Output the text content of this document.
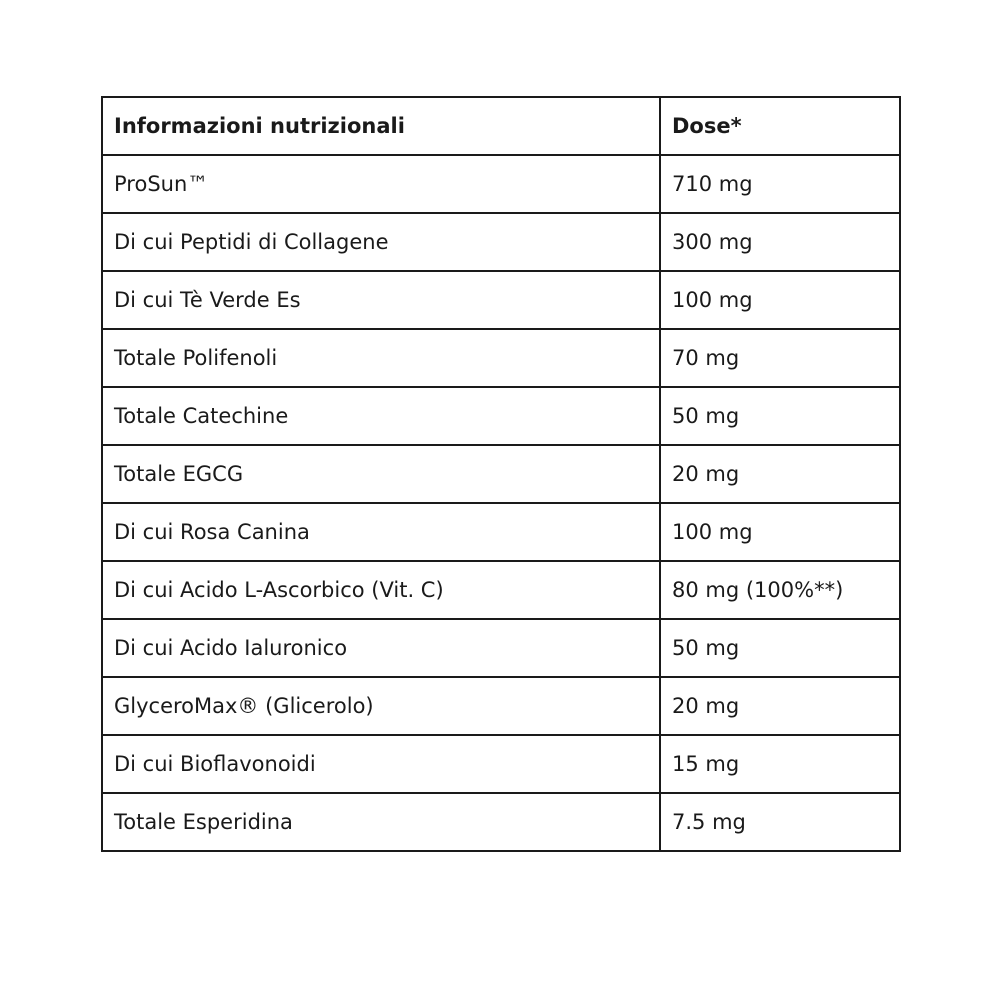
Informazioni nutrizionali	Dose*
ProSun™	710 mg
Di cui Peptidi di Collagene	300 mg
Di cui Tè Verde Es	100 mg
Totale Polifenoli	70 mg
Totale Catechine	50 mg
Totale EGCG	20 mg
Di cui Rosa Canina	100 mg
Di cui Acido L-Ascorbico (Vit. C)	80 mg (100%**)
Di cui Acido Ialuronico	50 mg
GlyceroMax® (Glicerolo)	20 mg
Di cui Bioflavonoidi	15 mg
Totale Esperidina	7.5 mg
